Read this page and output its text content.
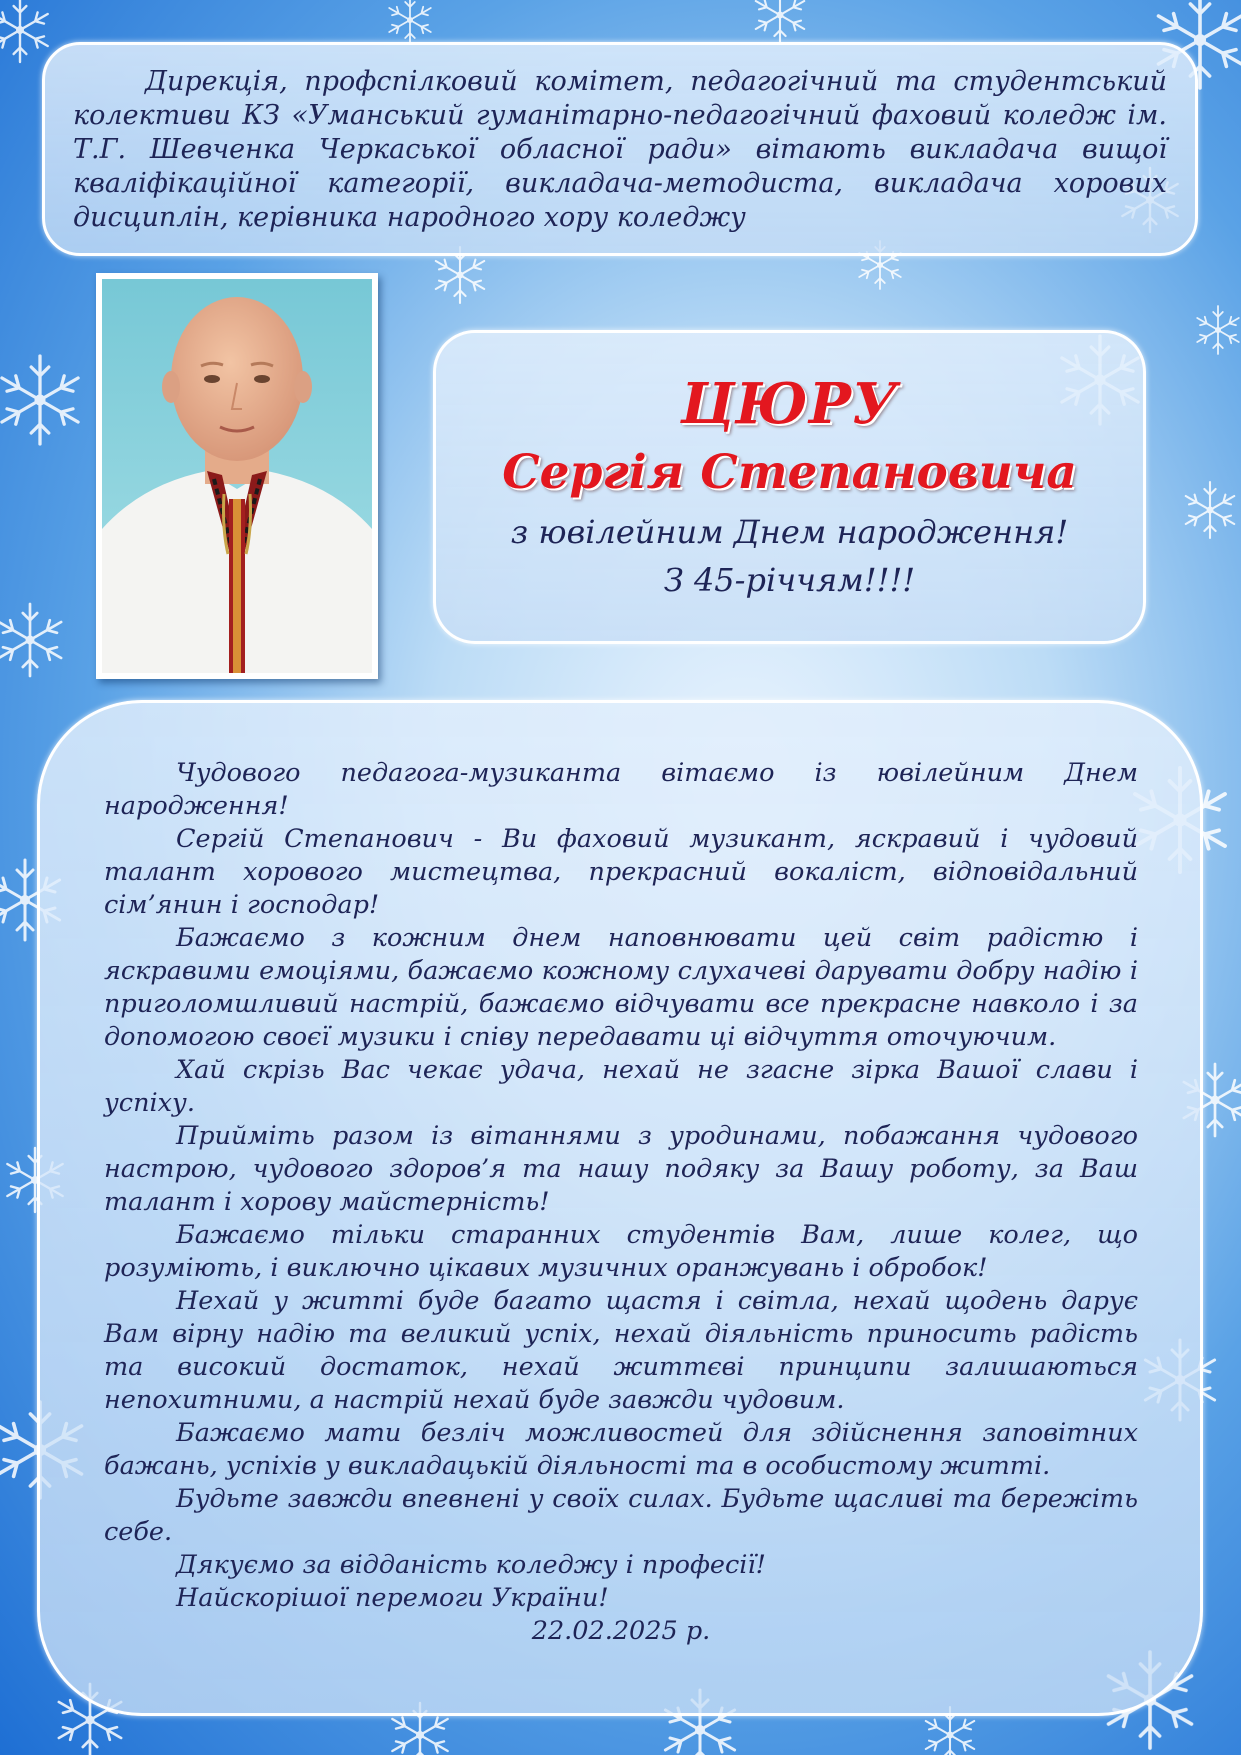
Дирекція, профспілковий комітет, педагогічний та студентський колективи КЗ «Уманський гуманітарно-педагогічний фаховий коледж ім. Т.Г. Шевченка Черкаської обласної ради» вітають викладача вищої кваліфікаційної категорії, викладача-методиста, викладача хорових дисциплін, керівника народного хору коледжу

ЦЮРУ
Сергія Степановича
з ювілейним Днем народження!
З 45-річчям!!!!

Чудового педагога-музиканта вітаємо із ювілейним Днем народження!

Сергій Степанович - Ви фаховий музикант, яскравий і чудовий талант хорового мистецтва, прекрасний вокаліст, відповідальний сім’янин і господар!

Бажаємо з кожним днем наповнювати цей світ радістю і яскравими емоціями, бажаємо кожному слухачеві дарувати добру надію і приголомшливий настрій, бажаємо відчувати все прекрасне навколо і за допомогою своєї музики і співу передавати ці відчуття оточуючим.

Хай скрізь Вас чекає удача, нехай не згасне зірка Вашої слави і успіху.

Прийміть разом із вітаннями з уродинами, побажання чудового настрою, чудового здоров’я та нашу подяку за Вашу роботу, за Ваш талант і хорову майстерність!

Бажаємо тільки старанних студентів Вам, лише колег, що розуміють, і виключно цікавих музичних оранжувань і обробок!

Нехай у житті буде багато щастя і світла, нехай щодень дарує Вам вірну надію та великий успіх, нехай діяльність приносить радість та високий достаток, нехай життєві принципи залишаються непохитними, а настрій нехай буде завжди чудовим.

Бажаємо мати безліч можливостей для здійснення заповітних бажань, успіхів у викладацькій діяльності та в особистому житті.

Будьте завжди впевнені у своїх силах. Будьте щасливі та бережіть себе.

Дякуємо за відданість коледжу і професії!

Найскорішої перемоги України!

22.02.2025 р.
